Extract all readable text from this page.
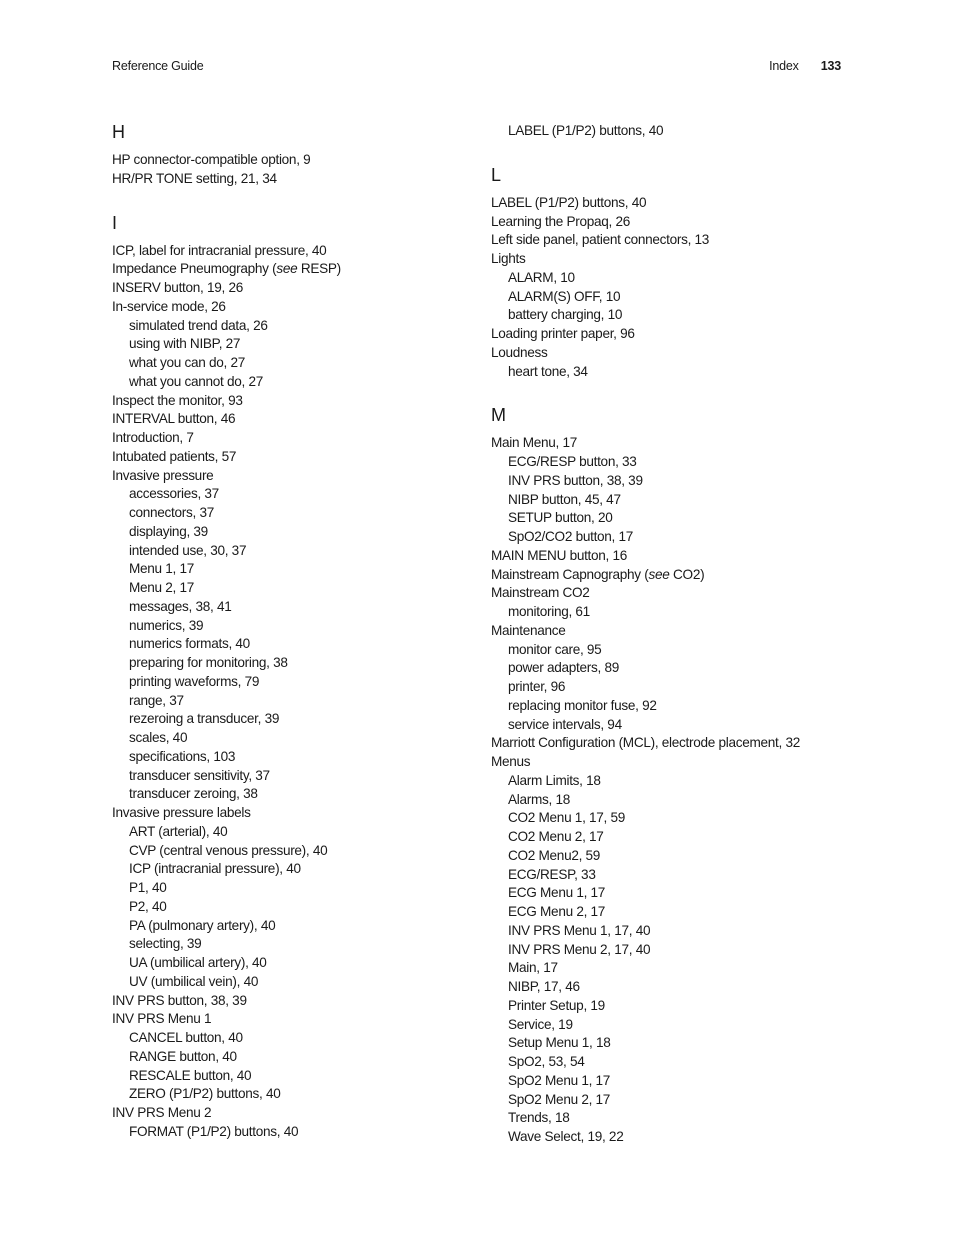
Reference Guide	Index 133
H
HP connector-compatible option, 9
HR/PR TONE setting, 21, 34
I
ICP, label for intracranial pressure, 40
Impedance Pneumography (see RESP)
INSERV button, 19, 26
In-service mode, 26
simulated trend data, 26
using with NIBP, 27
what you can do, 27
what you cannot do, 27
Inspect the monitor, 93
INTERVAL button, 46
Introduction, 7
Intubated patients, 57
Invasive pressure
accessories, 37
connectors, 37
displaying, 39
intended use, 30, 37
Menu 1, 17
Menu 2, 17
messages, 38, 41
numerics, 39
numerics formats, 40
preparing for monitoring, 38
printing waveforms, 79
range, 37
rezeroing a transducer, 39
scales, 40
specifications, 103
transducer sensitivity, 37
transducer zeroing, 38
Invasive pressure labels
ART (arterial), 40
CVP (central venous pressure), 40
ICP (intracranial pressure), 40
P1, 40
P2, 40
PA (pulmonary artery), 40
selecting, 39
UA (umbilical artery), 40
UV (umbilical vein), 40
INV PRS button, 38, 39
INV PRS Menu 1
CANCEL button, 40
RANGE button, 40
RESCALE button, 40
ZERO (P1/P2) buttons, 40
INV PRS Menu 2
FORMAT (P1/P2) buttons, 40
LABEL (P1/P2) buttons, 40
L
LABEL (P1/P2) buttons, 40
Learning the Propaq, 26
Left side panel, patient connectors, 13
Lights
ALARM, 10
ALARM(S) OFF, 10
battery charging, 10
Loading printer paper, 96
Loudness
heart tone, 34
M
Main Menu, 17
ECG/RESP button, 33
INV PRS button, 38, 39
NIBP button, 45, 47
SETUP button, 20
SpO2/CO2 button, 17
MAIN MENU button, 16
Mainstream Capnography (see CO2)
Mainstream CO2
monitoring, 61
Maintenance
monitor care, 95
power adapters, 89
printer, 96
replacing monitor fuse, 92
service intervals, 94
Marriott Configuration (MCL), electrode placement, 32
Menus
Alarm Limits, 18
Alarms, 18
CO2 Menu 1, 17, 59
CO2 Menu 2, 17
CO2 Menu2, 59
ECG/RESP, 33
ECG Menu 1, 17
ECG Menu 2, 17
INV PRS Menu 1, 17, 40
INV PRS Menu 2, 17, 40
Main, 17
NIBP, 17, 46
Printer Setup, 19
Service, 19
Setup Menu 1, 18
SpO2, 53, 54
SpO2 Menu 1, 17
SpO2 Menu 2, 17
Trends, 18
Wave Select, 19, 22
